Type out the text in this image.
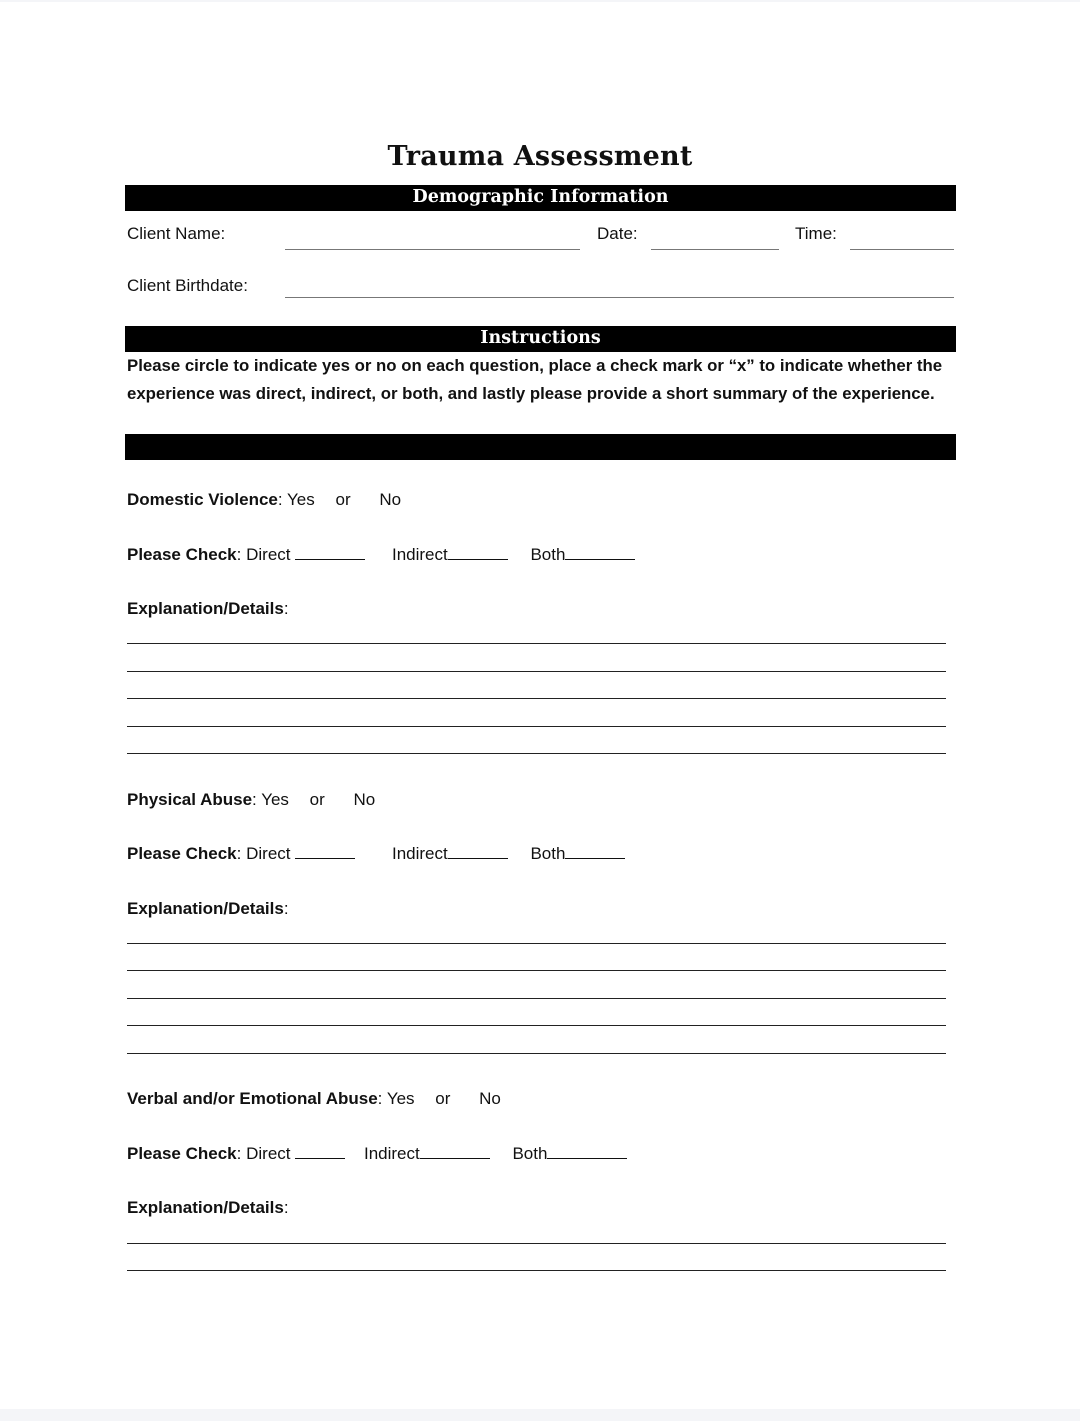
Trauma Assessment
Demographic Information
Client Name:	Date:	Time:
Client Birthdate:
Instructions
Please circle to indicate yes or no on each question, place a check mark or “x” to indicate whether the experience was direct, indirect, or both, and lastly please provide a short summary of the experience.
Domestic Violence: Yes or No
Please Check: Direct	Indirect	Both
Explanation/Details:
Physical Abuse: Yes or No
Please Check: Direct	Indirect	Both
Explanation/Details:
Verbal and/or Emotional Abuse: Yes or No
Please Check: Direct	Indirect	Both
Explanation/Details:
